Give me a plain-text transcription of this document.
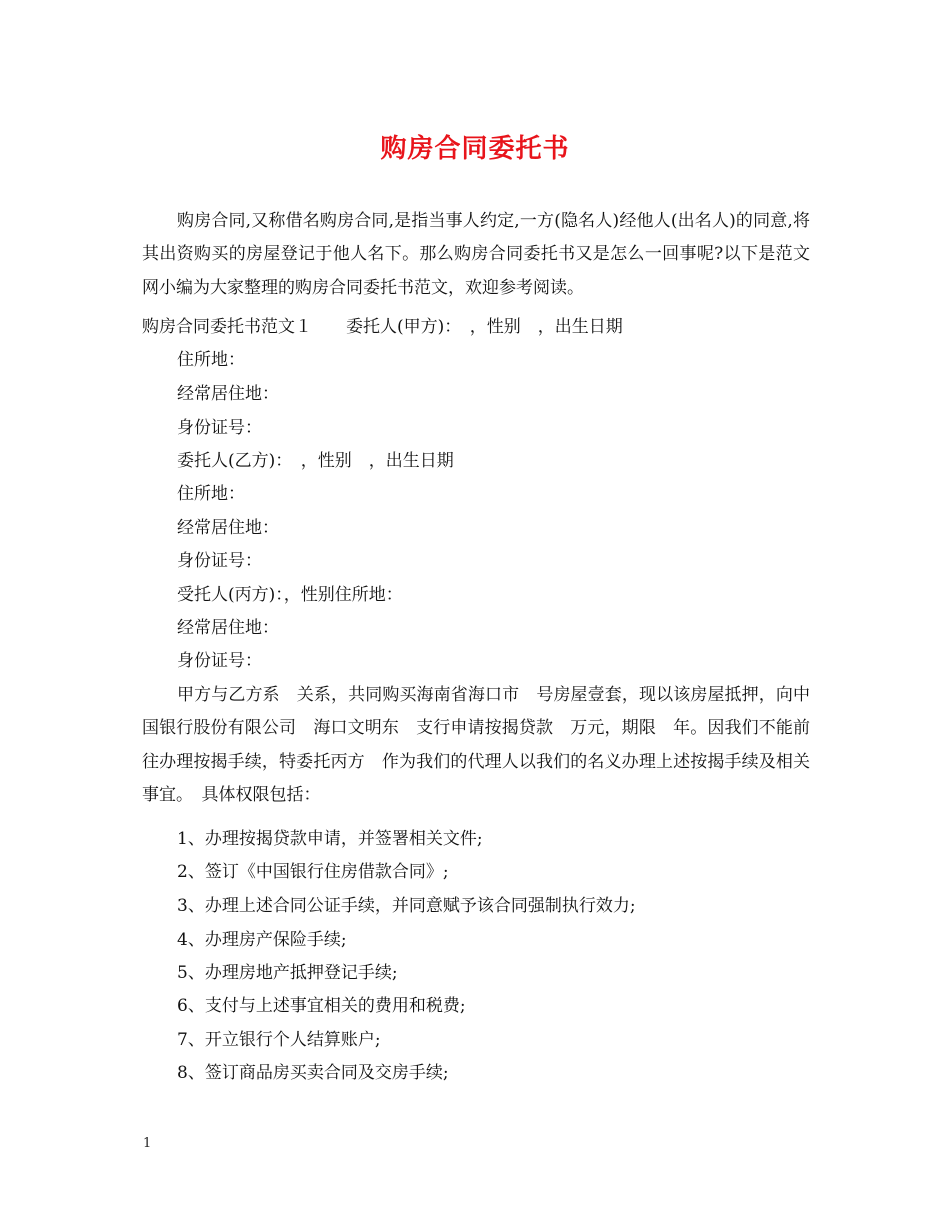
购房合同委托书
购房合同,又称借名购房合同,是指当事人约定,一方(隐名人)经他人(出名人)的同意,将其出资购买的房屋登记于他人名下。那么购房合同委托书又是怎么一回事呢?以下是范文网小编为大家整理的购房合同委托书范文，欢迎参考阅读。
购房合同委托书范文１　　委托人(甲方)：　，性别　，出生日期
住所地：
经常居住地：
身份证号：
委托人(乙方)：　，性别　，出生日期
住所地：
经常居住地：
身份证号：
受托人(丙方)：，性别住所地：
经常居住地：
身份证号：
甲方与乙方系　关系，共同购买海南省海口市　号房屋壹套，现以该房屋抵押，向中国银行股份有限公司　海口文明东　支行申请按揭贷款　万元，期限　年。因我们不能前往办理按揭手续，特委托丙方　作为我们的代理人以我们的名义办理上述按揭手续及相关事宜。　具体权限包括：
1、办理按揭贷款申请，并签署相关文件;
2、签订《中国银行住房借款合同》;
3、办理上述合同公证手续，并同意赋予该合同强制执行效力;
4、办理房产保险手续;
5、办理房地产抵押登记手续;
6、支付与上述事宜相关的费用和税费;
7、开立银行个人结算账户;
8、签订商品房买卖合同及交房手续;
1
